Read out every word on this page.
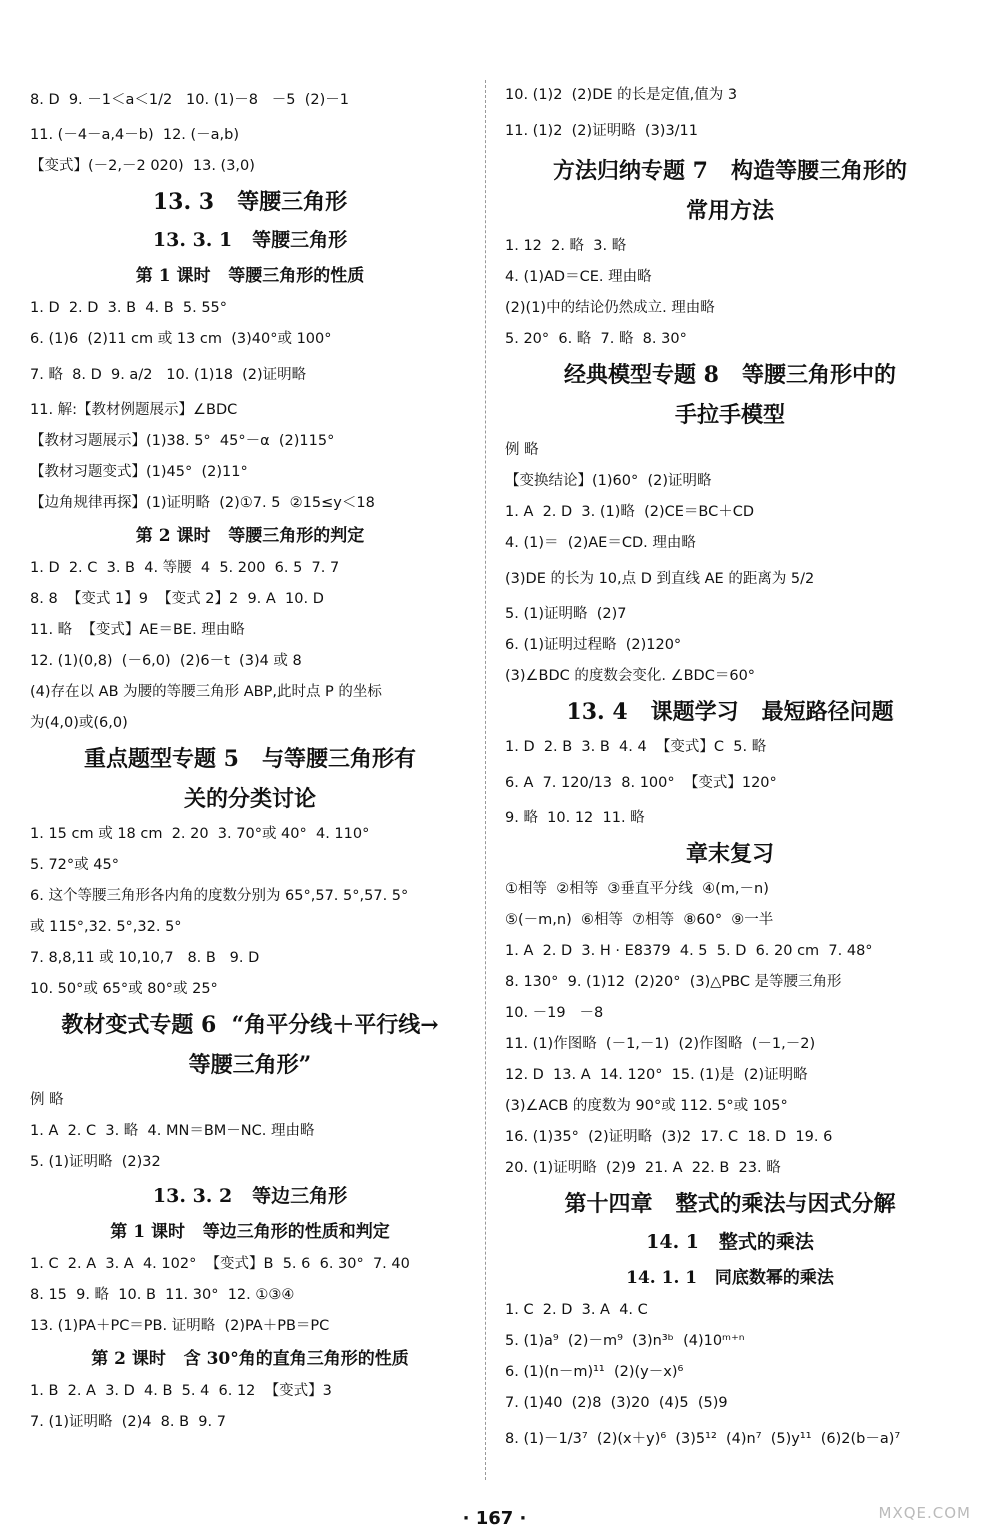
8. D  9. －1＜a＜1/2   10. (1)－8   －5  (2)－1
11. (－4－a,4－b)  12. (－a,b)
【变式】(－2,－2 020)  13. (3,0)
13. 3   等腰三角形
13. 3. 1   等腰三角形
第 1 课时   等腰三角形的性质
1. D  2. D  3. B  4. B  5. 55°
6. (1)6  (2)11 cm 或 13 cm  (3)40°或 100°
7. 略  8. D  9. a/2   10. (1)18  (2)证明略
11. 解:【教材例题展示】∠BDC
【教材习题展示】(1)38. 5°  45°－α  (2)115°
【教材习题变式】(1)45°  (2)11°
【边角规律再探】(1)证明略  (2)①7. 5  ②15≤y＜18
第 2 课时   等腰三角形的判定
1. D  2. C  3. B  4. 等腰  4  5. 200  6. 5  7. 7
8. 8  【变式 1】9  【变式 2】2  9. A  10. D
11. 略  【变式】AE＝BE. 理由略
12. (1)(0,8)  (－6,0)  (2)6－t  (3)4 或 8
(4)存在以 AB 为腰的等腰三角形 ABP,此时点 P 的坐标
为(4,0)或(6,0)
重点题型专题 5   与等腰三角形有
关的分类讨论
1. 15 cm 或 18 cm  2. 20  3. 70°或 40°  4. 110°
5. 72°或 45°
6. 这个等腰三角形各内角的度数分别为 65°,57. 5°,57. 5°
或 115°,32. 5°,32. 5°
7. 8,8,11 或 10,10,7   8. B   9. D
10. 50°或 65°或 80°或 25°
教材变式专题 6  “角平分线＋平行线→
等腰三角形”
例 略
1. A  2. C  3. 略  4. MN＝BM－NC. 理由略
5. (1)证明略  (2)32
13. 3. 2   等边三角形
第 1 课时   等边三角形的性质和判定
1. C  2. A  3. A  4. 102°  【变式】B  5. 6  6. 30°  7. 40
8. 15  9. 略  10. B  11. 30°  12. ①③④
13. (1)PA＋PC＝PB. 证明略  (2)PA＋PB＝PC
第 2 课时   含 30°角的直角三角形的性质
1. B  2. A  3. D  4. B  5. 4  6. 12  【变式】3
7. (1)证明略  (2)4  8. B  9. 7
10. (1)2  (2)DE 的长是定值,值为 3
11. (1)2  (2)证明略  (3)3/11
方法归纳专题 7   构造等腰三角形的
常用方法
1. 12  2. 略  3. 略
4. (1)AD＝CE. 理由略
(2)(1)中的结论仍然成立. 理由略
5. 20°  6. 略  7. 略  8. 30°
经典模型专题 8   等腰三角形中的
手拉手模型
例 略
【变换结论】(1)60°  (2)证明略
1. A  2. D  3. (1)略  (2)CE＝BC＋CD
4. (1)＝  (2)AE＝CD. 理由略
(3)DE 的长为 10,点 D 到直线 AE 的距离为 5/2
5. (1)证明略  (2)7
6. (1)证明过程略  (2)120°
(3)∠BDC 的度数会变化. ∠BDC＝60°
13. 4   课题学习   最短路径问题
1. D  2. B  3. B  4. 4  【变式】C  5. 略
6. A  7. 120/13  8. 100°  【变式】120°
9. 略  10. 12  11. 略
章末复习
①相等  ②相等  ③垂直平分线  ④(m,－n)
⑤(－m,n)  ⑥相等  ⑦相等  ⑧60°  ⑨一半
1. A  2. D  3. H · E8379  4. 5  5. D  6. 20 cm  7. 48°
8. 130°  9. (1)12  (2)20°  (3)△PBC 是等腰三角形
10. －19   －8
11. (1)作图略  (－1,－1)  (2)作图略  (－1,－2)
12. D  13. A  14. 120°  15. (1)是  (2)证明略
(3)∠ACB 的度数为 90°或 112. 5°或 105°
16. (1)35°  (2)证明略  (3)2  17. C  18. D  19. 6
20. (1)证明略  (2)9  21. A  22. B  23. 略
第十四章   整式的乘法与因式分解
14. 1   整式的乘法
14. 1. 1   同底数幂的乘法
1. C  2. D  3. A  4. C
5. (1)a⁹  (2)－m⁹  (3)n³ᵇ  (4)10ᵐ⁺ⁿ
6. (1)(n－m)¹¹  (2)(y－x)⁶
7. (1)40  (2)8  (3)20  (4)5  (5)9
8. (1)－1/3⁷  (2)(x＋y)⁶  (3)5¹²  (4)n⁷  (5)y¹¹  (6)2(b－a)⁷
· 167 ·	MXQE.COM
